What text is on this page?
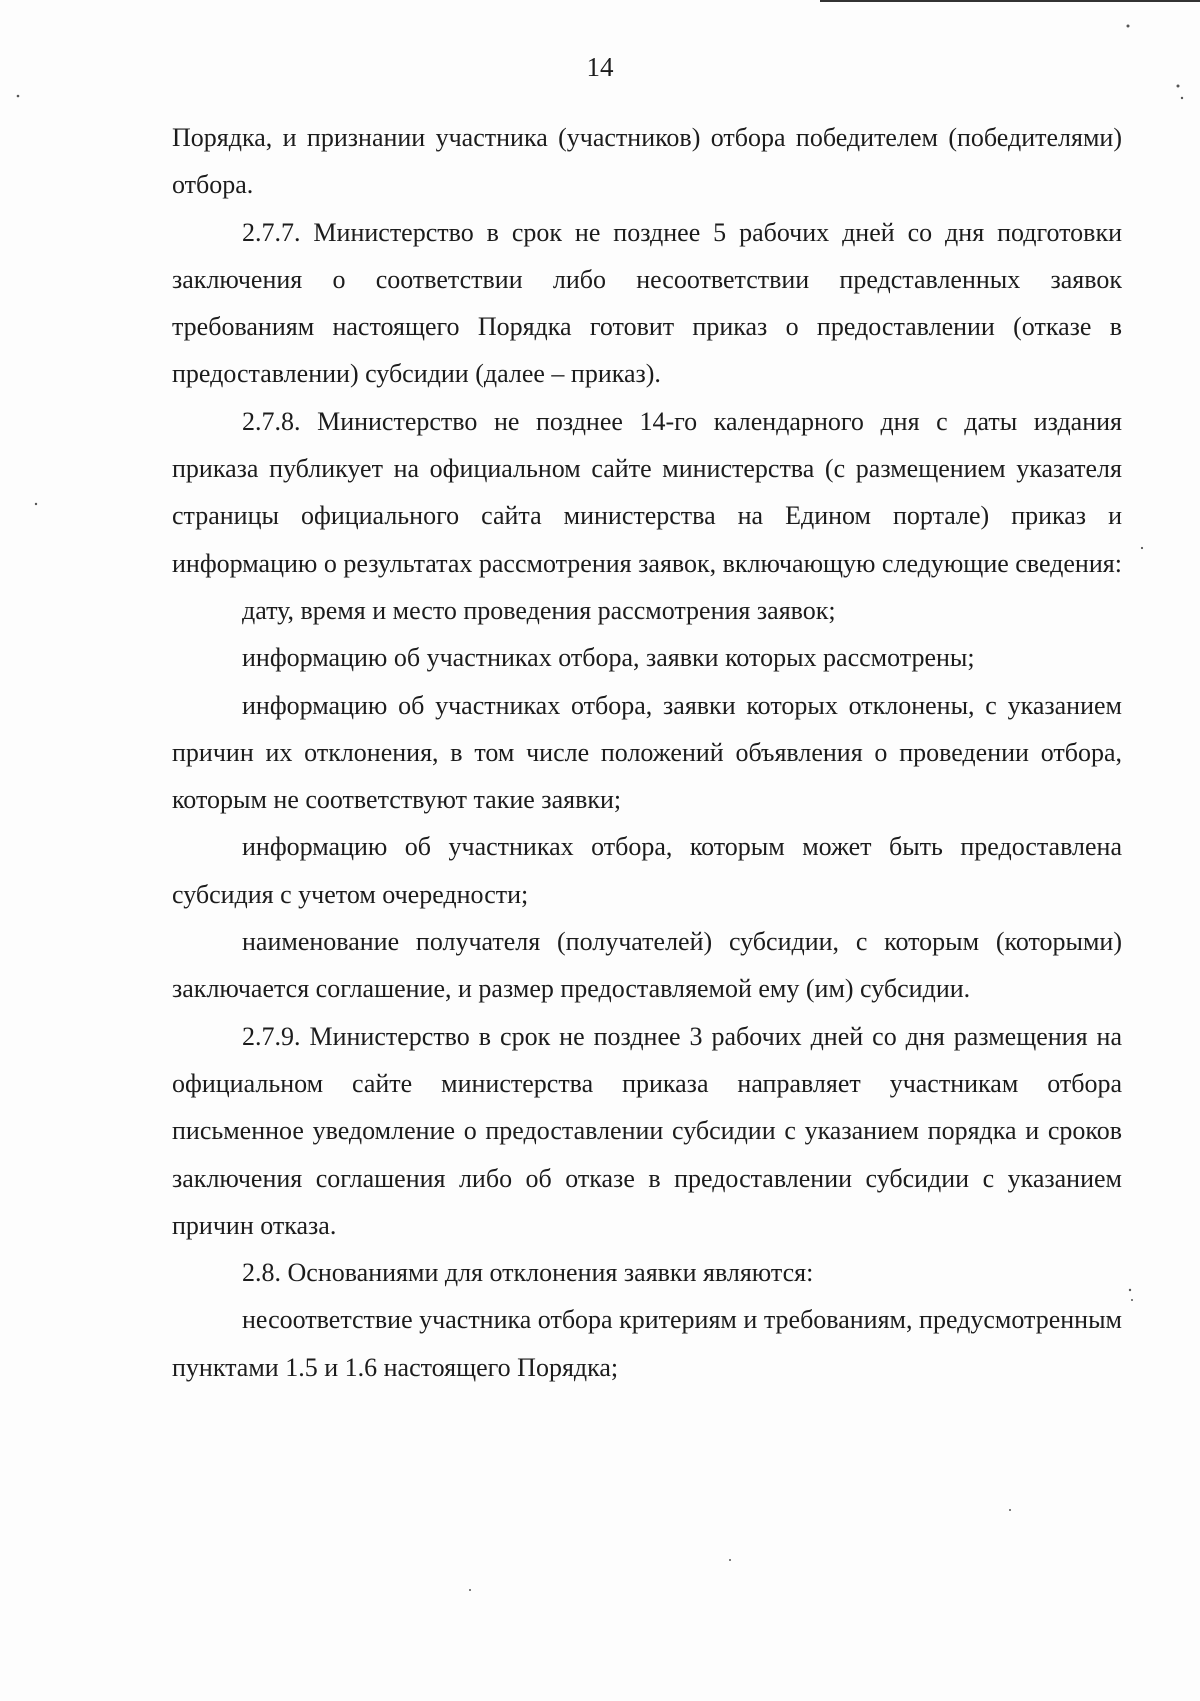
14

Порядка, и признании участника (участников) отбора победителем (победителями) отбора.

2.7.7. Министерство в срок не позднее 5 рабочих дней со дня подготовки заключения о соответствии либо несоответствии представленных заявок требованиям настоящего Порядка готовит приказ о предоставлении (отказе в предоставлении) субсидии (далее – приказ).

2.7.8. Министерство не позднее 14-го календарного дня с даты издания приказа публикует на официальном сайте министерства (с размещением указателя страницы официального сайта министерства на Едином портале) приказ и информацию о результатах рассмотрения заявок, включающую следующие сведения:

дату, время и место проведения рассмотрения заявок;

информацию об участниках отбора, заявки которых рассмотрены;

информацию об участниках отбора, заявки которых отклонены, с указанием причин их отклонения, в том числе положений объявления о проведении отбора, которым не соответствуют такие заявки;

информацию об участниках отбора, которым может быть предоставлена субсидия с учетом очередности;

наименование получателя (получателей) субсидии, с которым (которыми) заключается соглашение, и размер предоставляемой ему (им) субсидии.

2.7.9. Министерство в срок не позднее 3 рабочих дней со дня размещения на официальном сайте министерства приказа направляет участникам отбора письменное уведомление о предоставлении субсидии с указанием порядка и сроков заключения соглашения либо об отказе в предоставлении субсидии с указанием причин отказа.

2.8. Основаниями для отклонения заявки являются:

несоответствие участника отбора критериям и требованиям, предусмотренным пунктами 1.5 и 1.6 настоящего Порядка;
